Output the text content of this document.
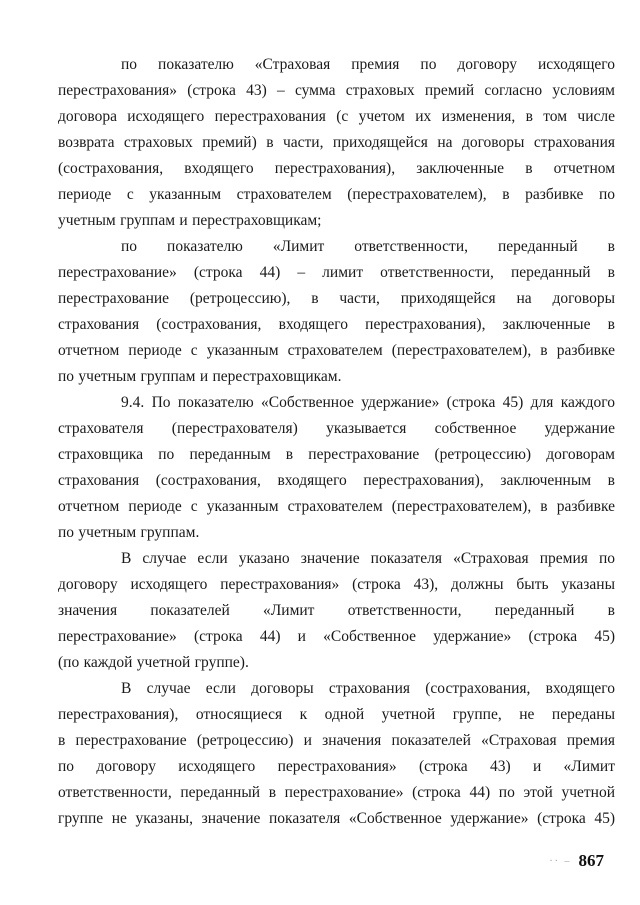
по показателю «Страховая премия по договору исходящего
перестрахования» (строка 43) – сумма страховых премий согласно условиям
договора исходящего перестрахования (с учетом их изменения, в том числе
возврата страховых премий) в части, приходящейся на договоры страхования
(сострахования, входящего перестрахования), заключенные в отчетном
периоде с указанным страхователем (перестрахователем), в разбивке по
учетным группам и перестраховщикам;
по показателю «Лимит ответственности, переданный в
перестрахование» (строка 44) – лимит ответственности, переданный в
перестрахование (ретроцессию), в части, приходящейся на договоры
страхования (сострахования, входящего перестрахования), заключенные в
отчетном периоде с указанным страхователем (перестрахователем), в разбивке
по учетным группам и перестраховщикам.
9.4. По показателю «Собственное удержание» (строка 45) для каждого
страхователя (перестрахователя) указывается собственное удержание
страховщика по переданным в перестрахование (ретроцессию) договорам
страхования (сострахования, входящего перестрахования), заключенным в
отчетном периоде с указанным страхователем (перестрахователем), в разбивке
по учетным группам.
В случае если указано значение показателя «Страховая премия по
договору исходящего перестрахования» (строка 43), должны быть указаны
значения показателей «Лимит ответственности, переданный в
перестрахование» (строка 44) и «Собственное удержание» (строка 45)
(по каждой учетной группе).
В случае если договоры страхования (сострахования, входящего
перестрахования), относящиеся к одной учетной группе, не переданы
в перестрахование (ретроцессию) и значения показателей «Страховая премия
по договору исходящего перестрахования» (строка 43) и «Лимит
ответственности, переданный в перестрахование» (строка 44) по этой учетной
группе не указаны, значение показателя «Собственное удержание» (строка 45)
·· – 867
